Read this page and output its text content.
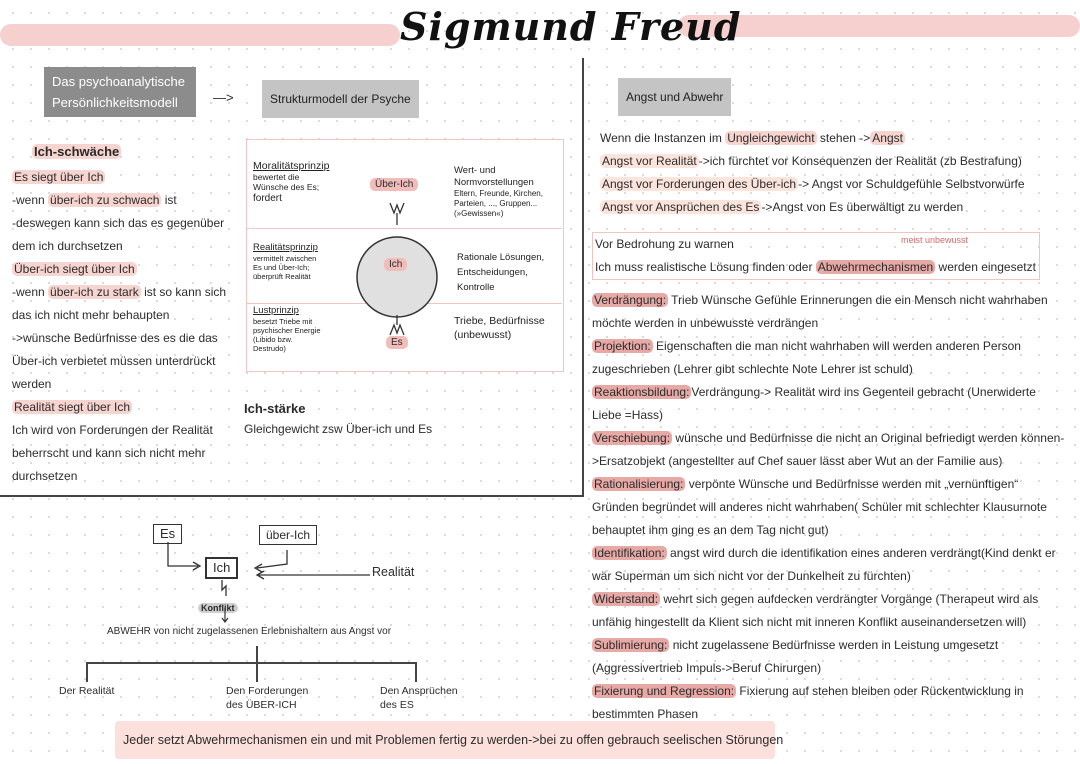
Sigmund Freud
Das psychoanalytische
Persönlichkeitsmodell	—>	Strukturmodell der Psyche	Angst und Abwehr
Ich-schwäche
Es siegt über Ich
-wenn über-ich zu schwach ist
-deswegen kann sich das es gegenüber
dem ich durchsetzen
Über-ich siegt über Ich
-wenn über-ich zu stark ist so kann sich
das ich nicht mehr behaupten
->wünsche Bedürfnisse des es die das
Über-ich verbietet müssen unterdrückt
werden
Realität siegt über Ich
Ich wird von Forderungen der Realität
beherrscht und kann sich nicht mehr
durchsetzen
Moralitätsprinzip
bewertet die
Wünsche des Es;
fordert
Realitätsprinzip
vermittelt zwischen
Es und Über-Ich;
überprüft Realität
Lustprinzip
besetzt Triebe mit
psychischer Energie
(Libido bzw.
Destrudo)
Über-Ich
Ich
Es
Wert- und
Normvorstellungen
Eltern, Freunde, Kirchen,
Parteien, ..., Gruppen...
(»Gewissen«)
Rationale Lösungen,
Entscheidungen,
Kontrolle
Triebe, Bedürfnisse
(unbewusst)
Ich-stärke
Gleichgewicht zsw Über-ich und Es
Es	über-Ich
Ich	Realität
Konflikt
ABWEHR von nicht zugelassenen Erlebnishaltern aus Angst vor
Der Realität	Den Forderungen
des ÜBER-ICH
Den Ansprüchen
des ES
Wenn die Instanzen im Ungleichgewicht stehen -> Angst
Angst vor Realität ->ich fürchtet vor Konsequenzen der Realität (zb Bestrafung)
Angst vor Forderungen des Über-ich -> Angst vor Schuldgefühle Selbstvorwürfe
Angst vor Ansprüchen des Es ->Angst von Es überwältigt zu werden
Vor Bedrohung zu warnen	meist unbewusst
Ich muss realistische Lösung finden oder Abwehrmechanismen werden eingesetzt
Verdrängung: Trieb Wünsche Gefühle Erinnerungen die ein Mensch nicht wahrhaben
möchte werden in unbewusste verdrängen
Projektion: Eigenschaften die man nicht wahrhaben will werden anderen Person
zugeschrieben (Lehrer gibt schlechte Note Lehrer ist schuld)
Reaktionsbildung: Verdrängung-> Realität wird ins Gegenteil gebracht (Unerwiderte
Liebe =Hass)
Verschiebung: wünsche und Bedürfnisse die nicht an Original befriedigt werden können-
>Ersatzobjekt (angestellter auf Chef sauer lässt aber Wut an der Familie aus)
Rationalisierung: verpönte Wünsche und Bedürfnisse werden mit „vernünftigen“
Gründen begründet will anderes nicht wahrhaben( Schüler mit schlechter Klausurnote
behauptet ihm ging es an dem Tag nicht gut)
Identifikation: angst wird durch die identifikation eines anderen verdrängt(Kind denkt er
wär Superman um sich nicht vor der Dunkelheit zu fürchten)
Widerstand: wehrt sich gegen aufdecken verdrängter Vorgänge (Therapeut wird als
unfähig hingestellt da Klient sich nicht mit inneren Konflikt auseinandersetzen will)
Sublimierung: nicht zugelassene Bedürfnisse werden in Leistung umgesetzt
(Aggressivertrieb Impuls->Beruf Chirurgen)
Fixierung und Regression: Fixierung auf stehen bleiben oder Rückentwicklung in
bestimmten Phasen
Jeder setzt Abwehrmechanismen ein und mit Problemen fertig zu werden->bei zu offen gebrauch seelischen Störungen
